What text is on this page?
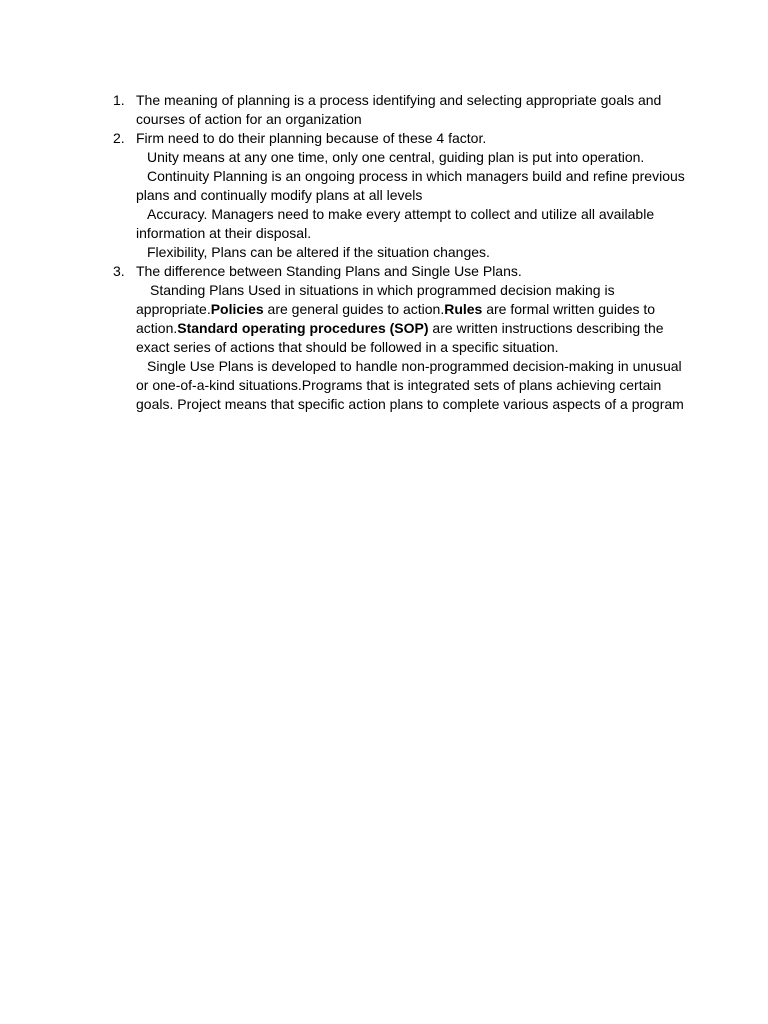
1. The meaning of planning is a process identifying and selecting appropriate goals and courses of action for an organization

2. Firm need to do their planning because of these 4 factor.

Unity means at any one time, only one central, guiding plan is put into operation.

Continuity Planning is an ongoing process in which managers build and refine previous plans and continually modify plans at all levels

Accuracy. Managers need to make every attempt to collect and utilize all available information at their disposal.

Flexibility, Plans can be altered if the situation changes.

3. The difference between Standing Plans and Single Use Plans.

Standing Plans Used in situations in which programmed decision making is appropriate.Policies are general guides to action.Rules are formal written guides to action.Standard operating procedures (SOP) are written instructions describing the exact series of actions that should be followed in a specific situation.

Single Use Plans is developed to handle non-programmed decision-making in unusual or one-of-a-kind situations.Programs that is integrated sets of plans achieving certain goals. Project means that specific action plans to complete various aspects of a program
